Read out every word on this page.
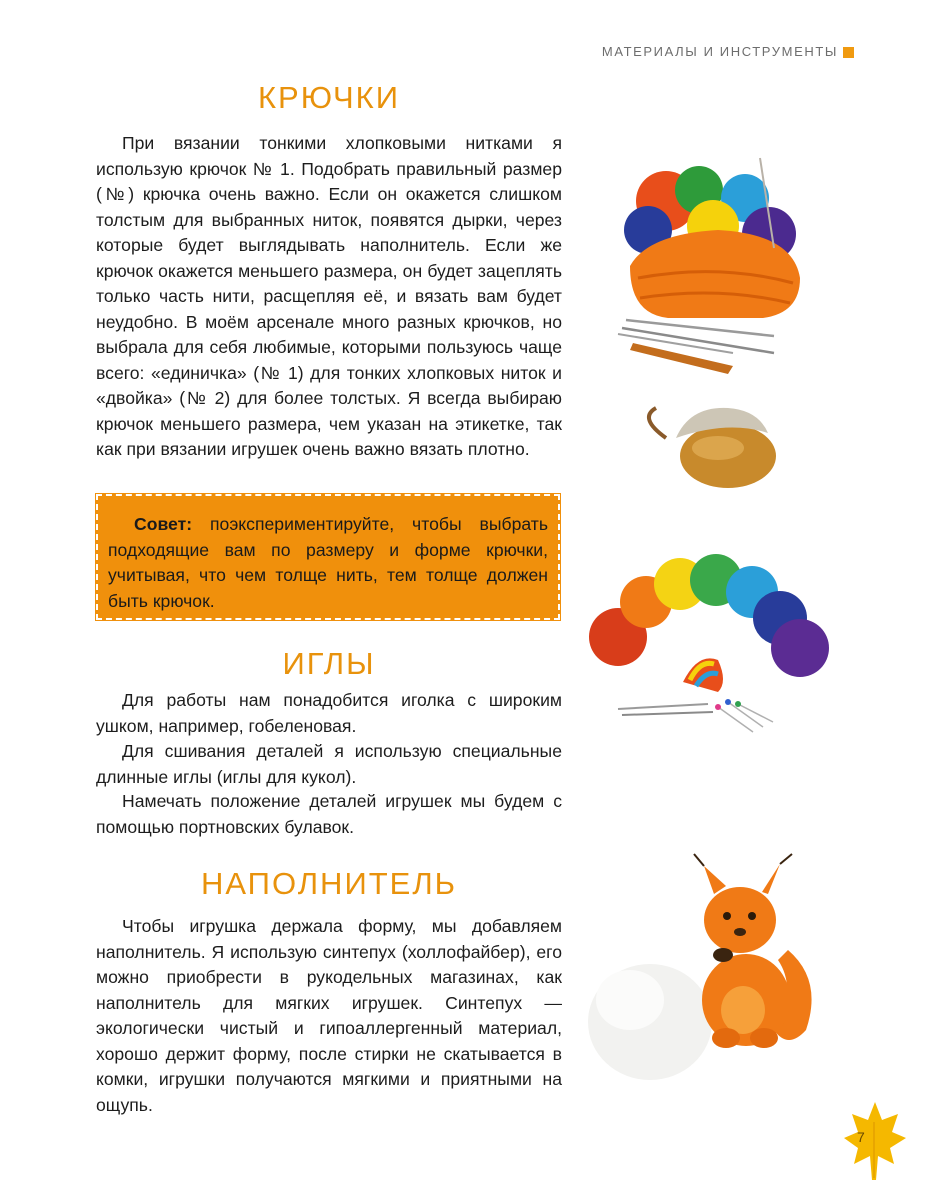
МАТЕРИАЛЫ И ИНСТРУМЕНТЫ
КРЮЧКИ

При вязании тонкими хлопковыми нитками я использую крючок № 1. Подобрать правильный размер (№) крючка очень важно. Если он окажется слишком толстым для выбранных ниток, появятся дырки, через которые будет выглядывать наполнитель. Если же крючок окажется меньшего размера, он будет зацеплять только часть нити, расщепляя её, и вязать вам будет неудобно. В моём арсенале много разных крючков, но выбрала для себя любимые, которыми пользуюсь чаще всего: «единичка» (№ 1) для тонких хлопковых ниток и «двойка» (№ 2) для более толстых. Я всегда выбираю крючок меньшего размера, чем указан на этикетке, так как при вязании игрушек очень важно вязать плотно.

Совет: поэкспериментируйте, чтобы выбрать подходящие вам по размеру и форме крючки, учитывая, что чем толще нить, тем толще должен быть крючок.

ИГЛЫ

Для работы нам понадобится иголка с широким ушком, например, гобеленовая.

Для сшивания деталей я использую специальные длинные иглы (иглы для кукол).

Намечать положение деталей игрушек мы будем с помощью портновских булавок.

НАПОЛНИТЕЛЬ

Чтобы игрушка держала форму, мы добавляем наполнитель. Я использую синтепух (холлофайбер), его можно приобрести в рукодельных магазинах, как наполнитель для мягких игрушек. Синтепух — экологически чистый и гипоаллергенный материал, хорошо держит форму, после стирки не скатывается в комки, игрушки получаются мягкими и приятными на ощупь.

7
